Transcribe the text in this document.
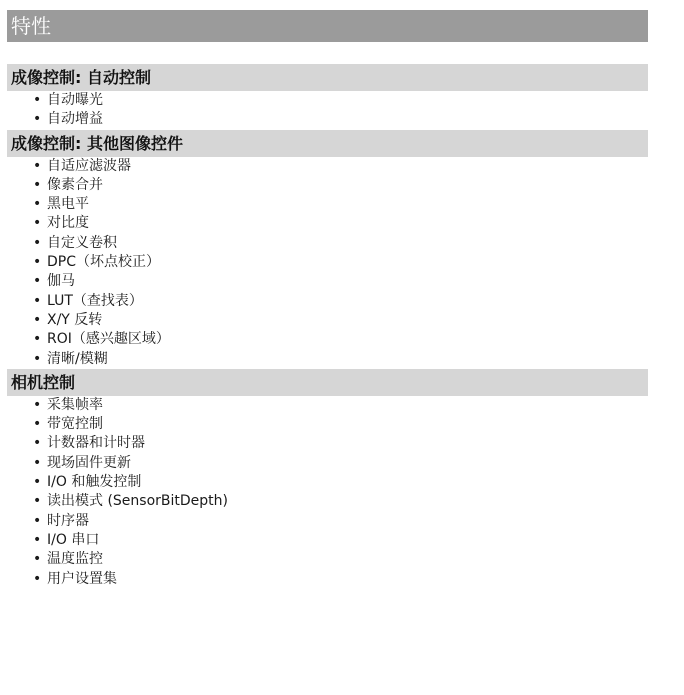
特性
成像控制: 自动控制
• 自动曝光
• 自动增益
成像控制: 其他图像控件
• 自适应滤波器
• 像素合并
• 黑电平
• 对比度
• 自定义卷积
• DPC（坏点校正）
• 伽马
• LUT（查找表）
• X/Y 反转
• ROI（感兴趣区域）
• 清晰/模糊
相机控制
• 采集帧率
• 带宽控制
• 计数器和计时器
• 现场固件更新
• I/O 和触发控制
• 读出模式 (SensorBitDepth)
• 时序器
• I/O 串口
• 温度监控
• 用户设置集
